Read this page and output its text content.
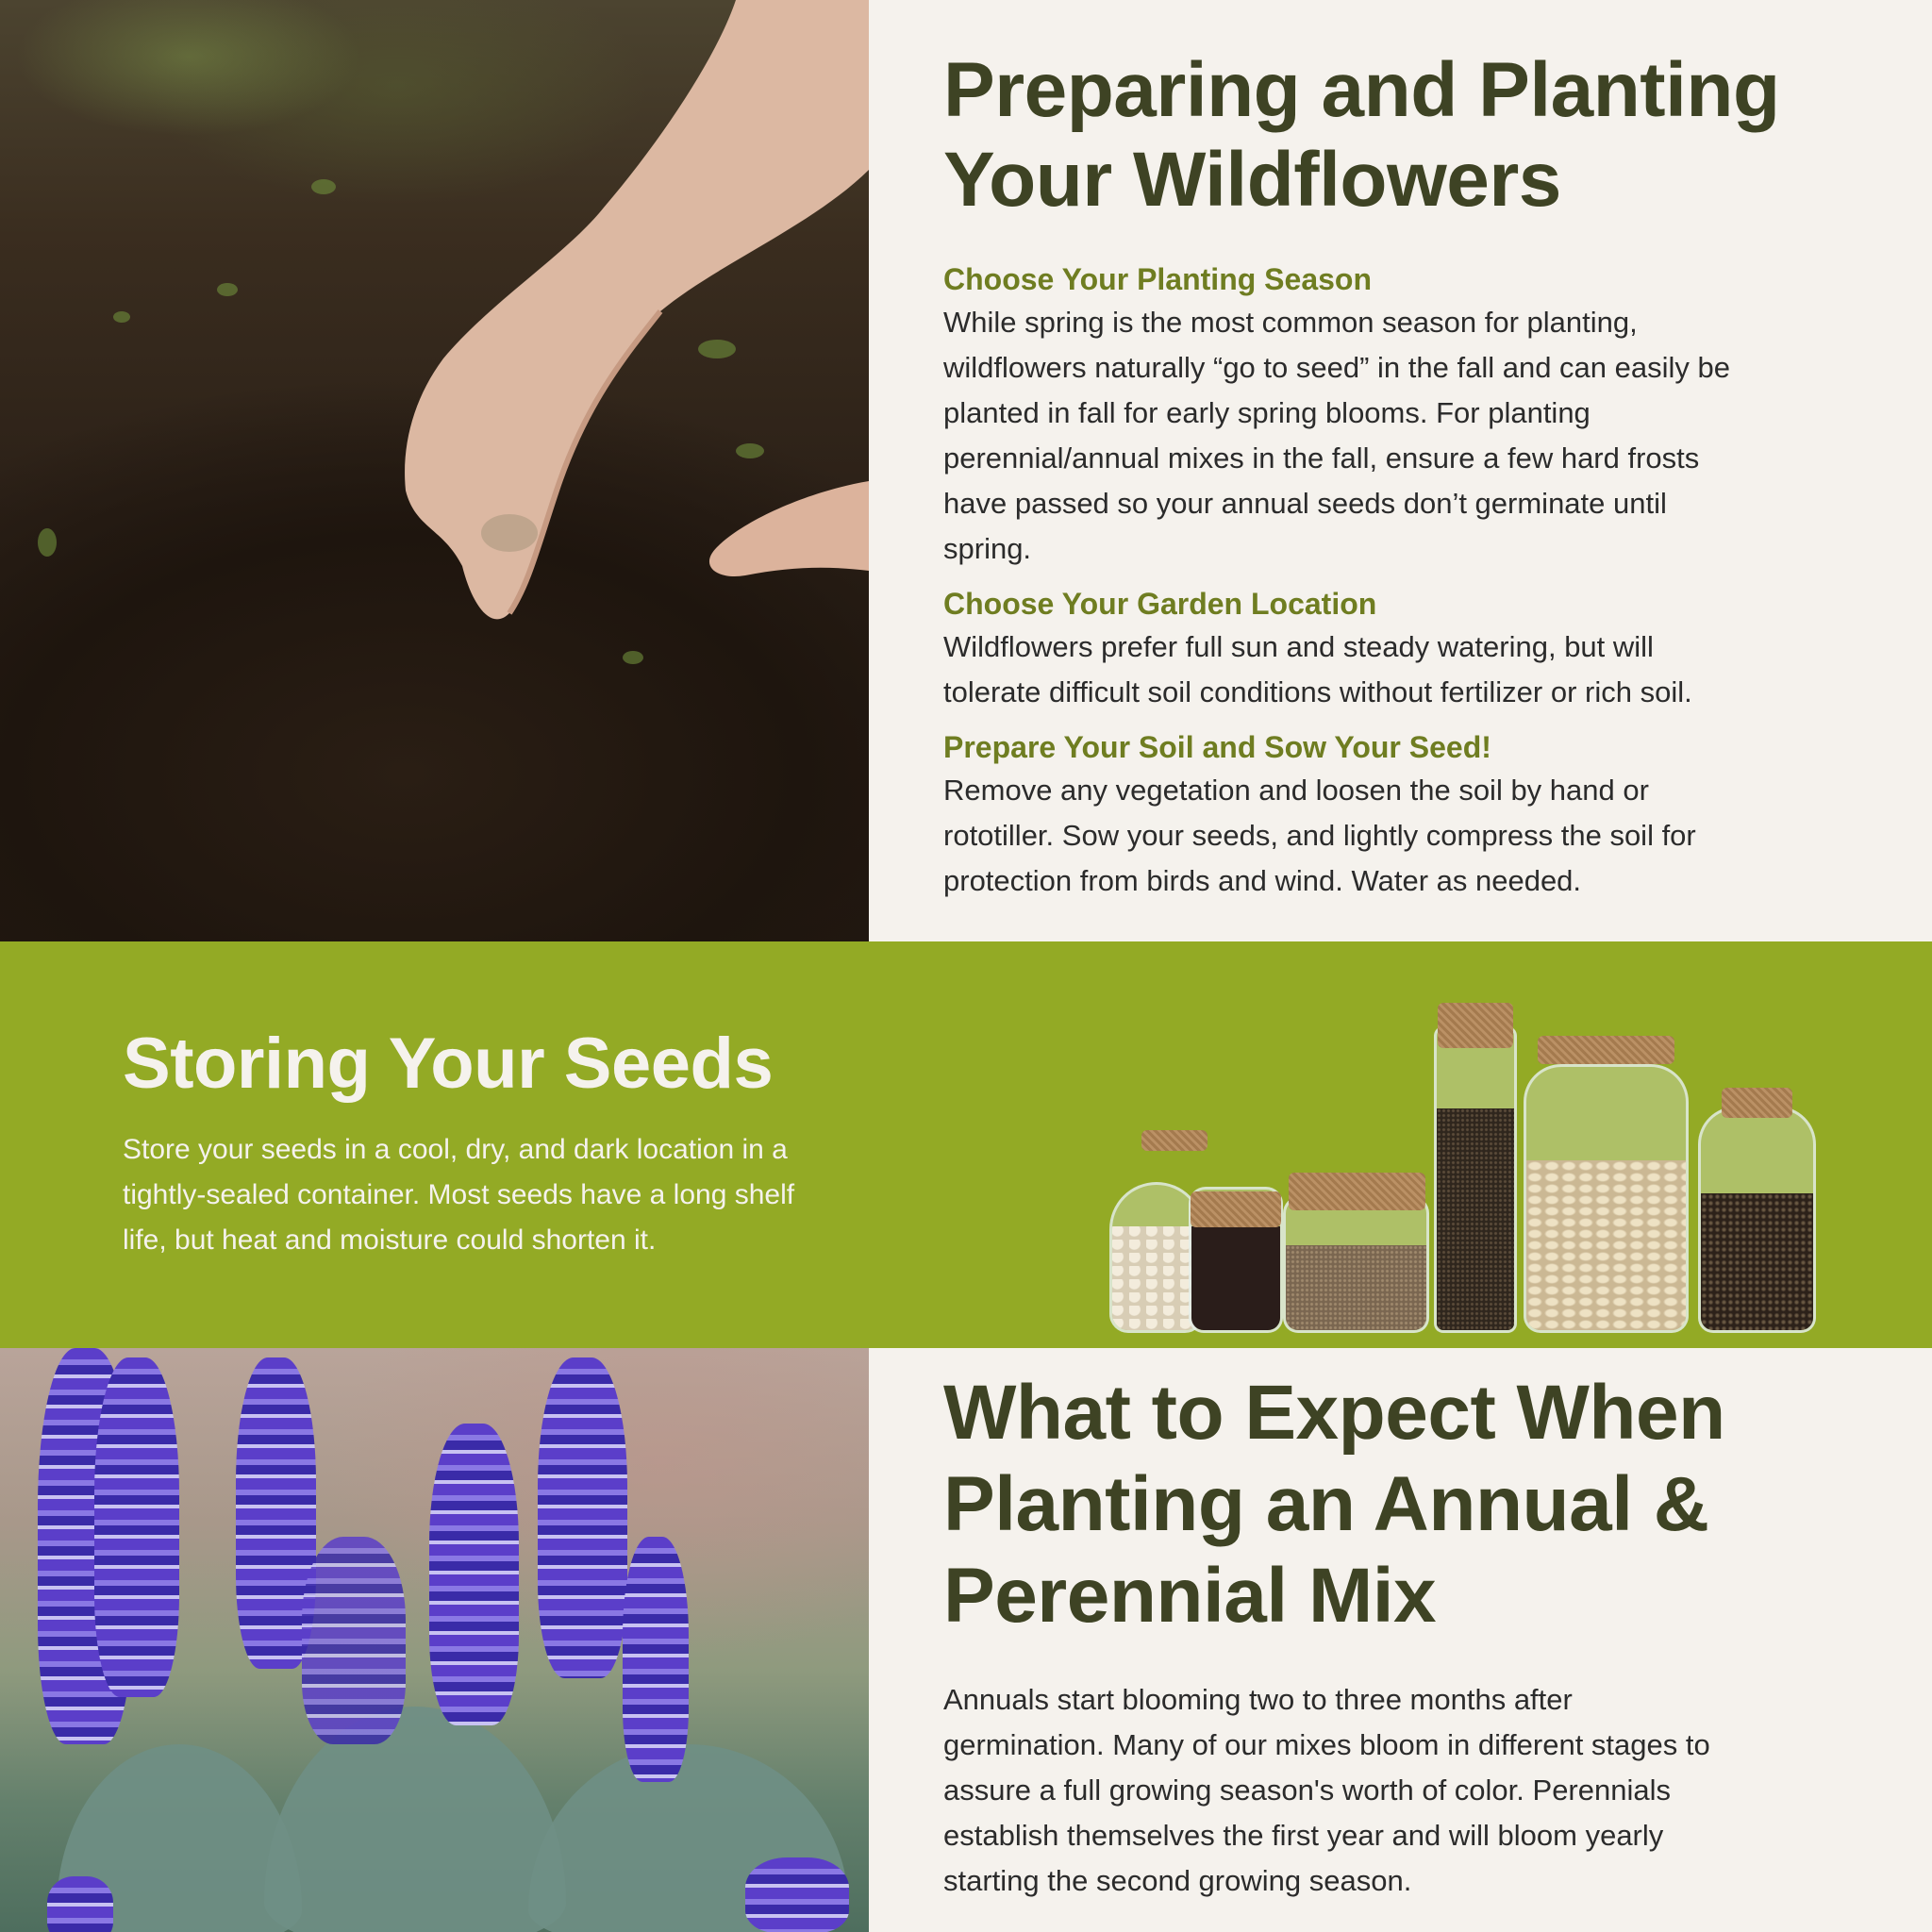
Preparing and Planting
Your Wildflowers

Choose Your Planting Season

While spring is the most common season for planting,
wildflowers naturally “go to seed” in the fall and can easily be
planted in fall for early spring blooms. For planting
perennial/annual mixes in the fall, ensure a few hard frosts
have passed so your annual seeds don’t germinate until
spring.

Choose Your Garden Location

Wildflowers prefer full sun and steady watering, but will
tolerate difficult soil conditions without fertilizer or rich soil.

Prepare Your Soil and Sow Your Seed!

Remove any vegetation and loosen the soil by hand or
rototiller. Sow your seeds, and lightly compress the soil for
protection from birds and wind. Water as needed.

Storing Your Seeds

Store your seeds in a cool, dry, and dark location in a
tightly-sealed container. Most seeds have a long shelf
life, but heat and moisture could shorten it.

What to Expect When
Planting an Annual &
Perennial Mix

Annuals start blooming two to three months after
germination. Many of our mixes bloom in different stages to
assure a full growing season's worth of color. Perennials
establish themselves the first year and will bloom yearly
starting the second growing season.
